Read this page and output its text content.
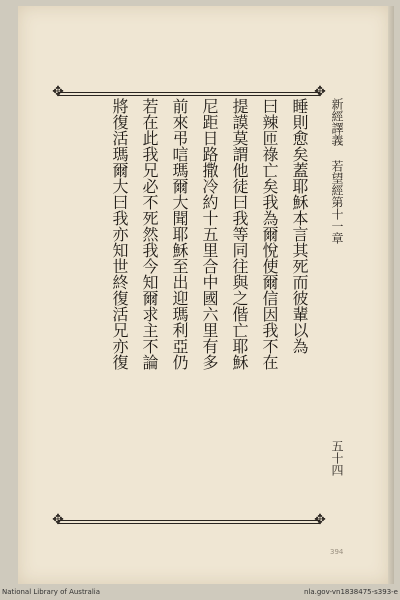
✥	✥
✥	✥
新經譯義 若望經第十一章
五十四
睡則愈矣蓋耶穌本言其死而彼輩以為
曰辣匝祿亡矣我為爾悅使爾信因我不在
提謨莫謂他徒曰我等同往與之偕亡耶穌
尼距日路撒冷約十五里合中國六里有多
前來弔唁瑪爾大聞耶穌至出迎瑪利亞仍
若在此我兄必不死然我今知爾求主不論
將復活瑪爾大曰我亦知世終復活兄亦復
394
National Library of Australia	nla.gov-vn1838475-s393-e
